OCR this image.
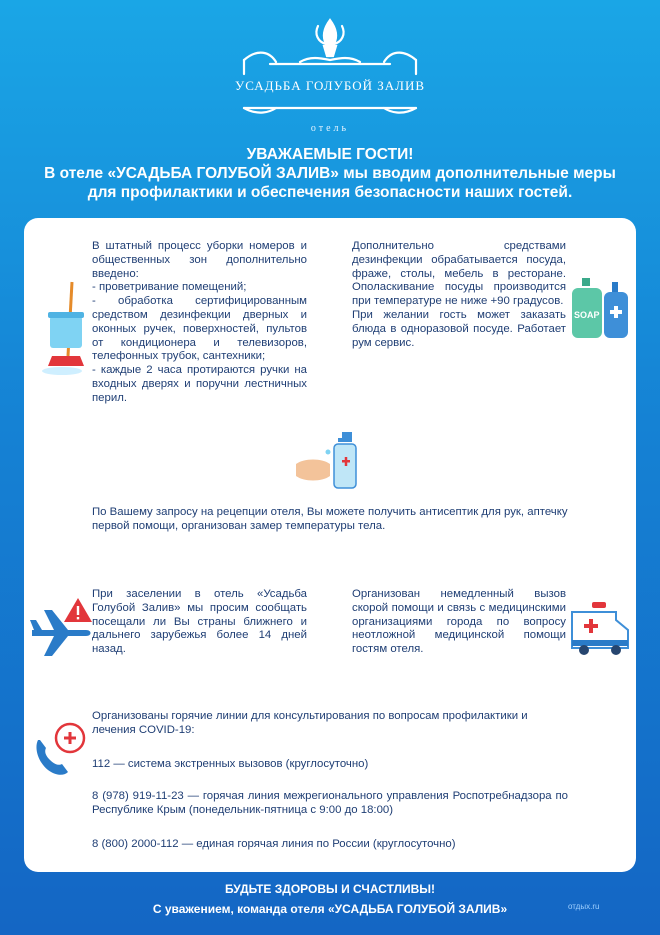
УСАДЬБА ГОЛУБОЙ ЗАЛИВ
отель
УВАЖАЕМЫЕ ГОСТИ!
В отеле «УСАДЬБА ГОЛУБОЙ ЗАЛИВ» мы вводим дополнительные меры для профилактики и обеспечения безопасности наших гостей.
В штатный процесс уборки номеров и общественных зон дополнительно введено:
- проветривание помещений;
- обработка сертифицированным средством дезинфекции дверных и оконных ручек, поверхностей, пультов от кондиционера и телевизоров, телефонных трубок, сантехники;
- каждые 2 часа протираются ручки на входных дверях и поручни лестничных перил.
Дополнительно средствами дезинфекции обрабатывается посуда, фраже, столы, мебель в ресторане. Ополаскивание посуды производится при температуре не ниже +90 градусов.
При желании гость может заказать блюда в одноразовой посуде. Работает рум сервис.
SOAP
По Вашему запросу на рецепции отеля, Вы можете получить антисептик для рук, аптечку первой помощи, организован замер температуры тела.
При заселении в отель «Усадьба Голубой Залив» мы просим сообщать посещали ли Вы страны ближнего и дальнего зарубежья более 14 дней назад.
Организован немедленный вызов скорой помощи и связь с медицинскими организациями города по вопросу неотложной медицинской помощи гостям отеля.
Организованы горячие линии для консультирования по вопросам профилактики и лечения COVID-19:
112 — система экстренных вызовов (круглосуточно)
8 (978) 919-11-23 — горячая линия межрегионального управления Роспотребнадзора по Республике Крым (понедельник-пятница с 9:00 до 18:00)
8 (800) 2000-112 — единая горячая линия по России (круглосуточно)
БУДЬТЕ ЗДОРОВЫ И СЧАСТЛИВЫ!
С уважением, команда отеля «УСАДЬБА ГОЛУБОЙ ЗАЛИВ»	отдых.ru
